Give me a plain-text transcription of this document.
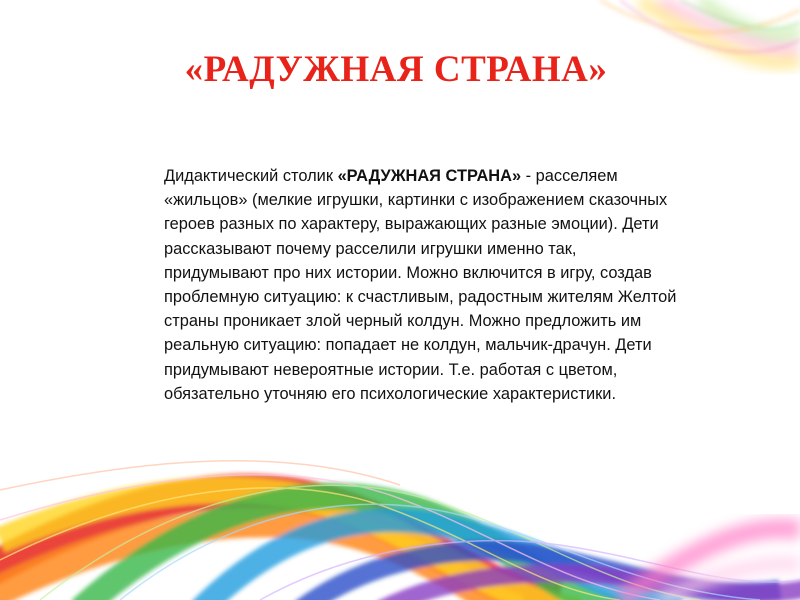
«РАДУЖНАЯ СТРАНА»
Дидактический столик «РАДУЖНАЯ СТРАНА» - расселяем «жильцов» (мелкие игрушки, картинки с изображением сказочных героев разных по характеру, выражающих разные эмоции). Дети рассказывают почему расселили игрушки именно так, придумывают про них истории. Можно включится в игру, создав проблемную ситуацию: к счастливым, радостным жителям Желтой страны проникает злой черный колдун. Можно предложить им реальную ситуацию: попадает не колдун, мальчик-драчун. Дети придумывают невероятные истории. Т.е. работая с цветом, обязательно уточняю его психологические характеристики.
